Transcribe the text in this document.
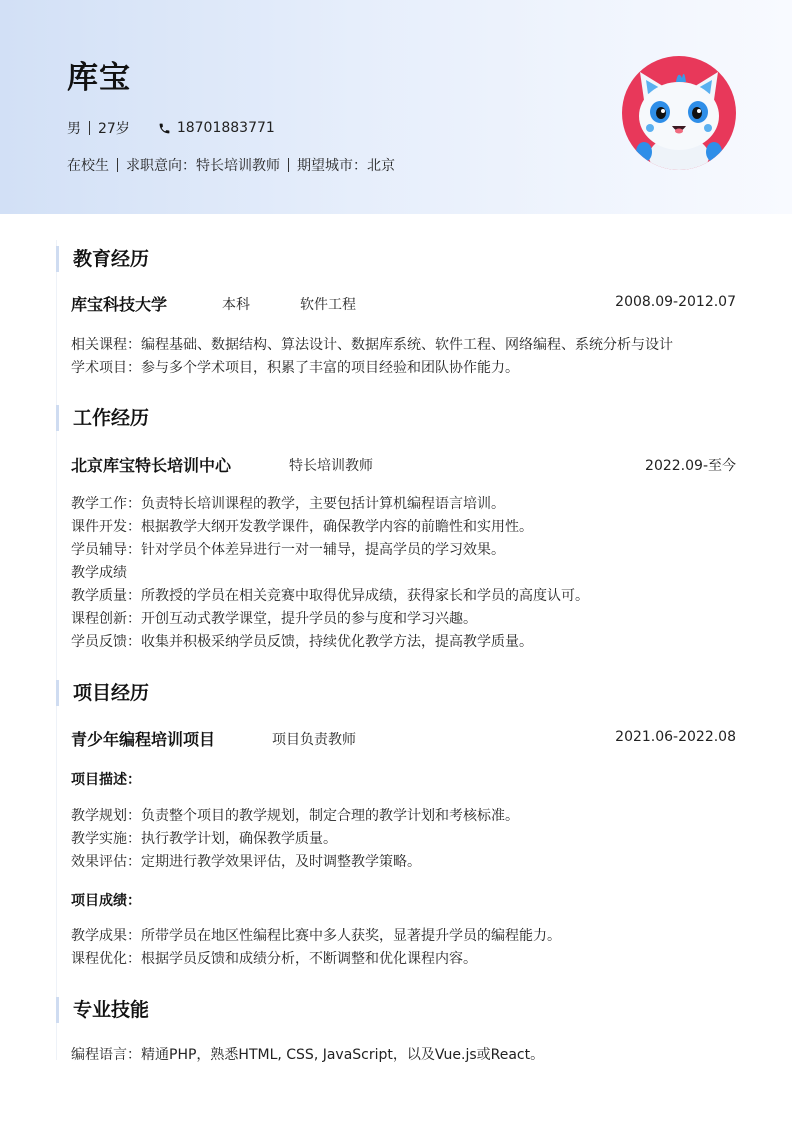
库宝
男 27岁	18701883771
在校生 求职意向：特长培训教师 期望城市：北京
教育经历
库宝科技大学	本科	软件工程	2008.09-2012.07
相关课程：编程基础、数据结构、算法设计、数据库系统、软件工程、网络编程、系统分析与设计
学术项目：参与多个学术项目，积累了丰富的项目经验和团队协作能力。
工作经历
北京库宝特长培训中心	特长培训教师	2022.09-至今
教学工作：负责特长培训课程的教学，主要包括计算机编程语言培训。
课件开发：根据教学大纲开发教学课件，确保教学内容的前瞻性和实用性。
学员辅导：针对学员个体差异进行一对一辅导，提高学员的学习效果。
教学成绩
教学质量：所教授的学员在相关竞赛中取得优异成绩，获得家长和学员的高度认可。
课程创新：开创互动式教学课堂，提升学员的参与度和学习兴趣。
学员反馈：收集并积极采纳学员反馈，持续优化教学方法，提高教学质量。
项目经历
青少年编程培训项目	项目负责教师	2021.06-2022.08
项目描述：
教学规划：负责整个项目的教学规划，制定合理的教学计划和考核标准。
教学实施：执行教学计划，确保教学质量。
效果评估：定期进行教学效果评估，及时调整教学策略。
项目成绩：
教学成果：所带学员在地区性编程比赛中多人获奖，显著提升学员的编程能力。
课程优化：根据学员反馈和成绩分析，不断调整和优化课程内容。
专业技能
编程语言：精通PHP，熟悉HTML, CSS, JavaScript，以及Vue.js或React。
